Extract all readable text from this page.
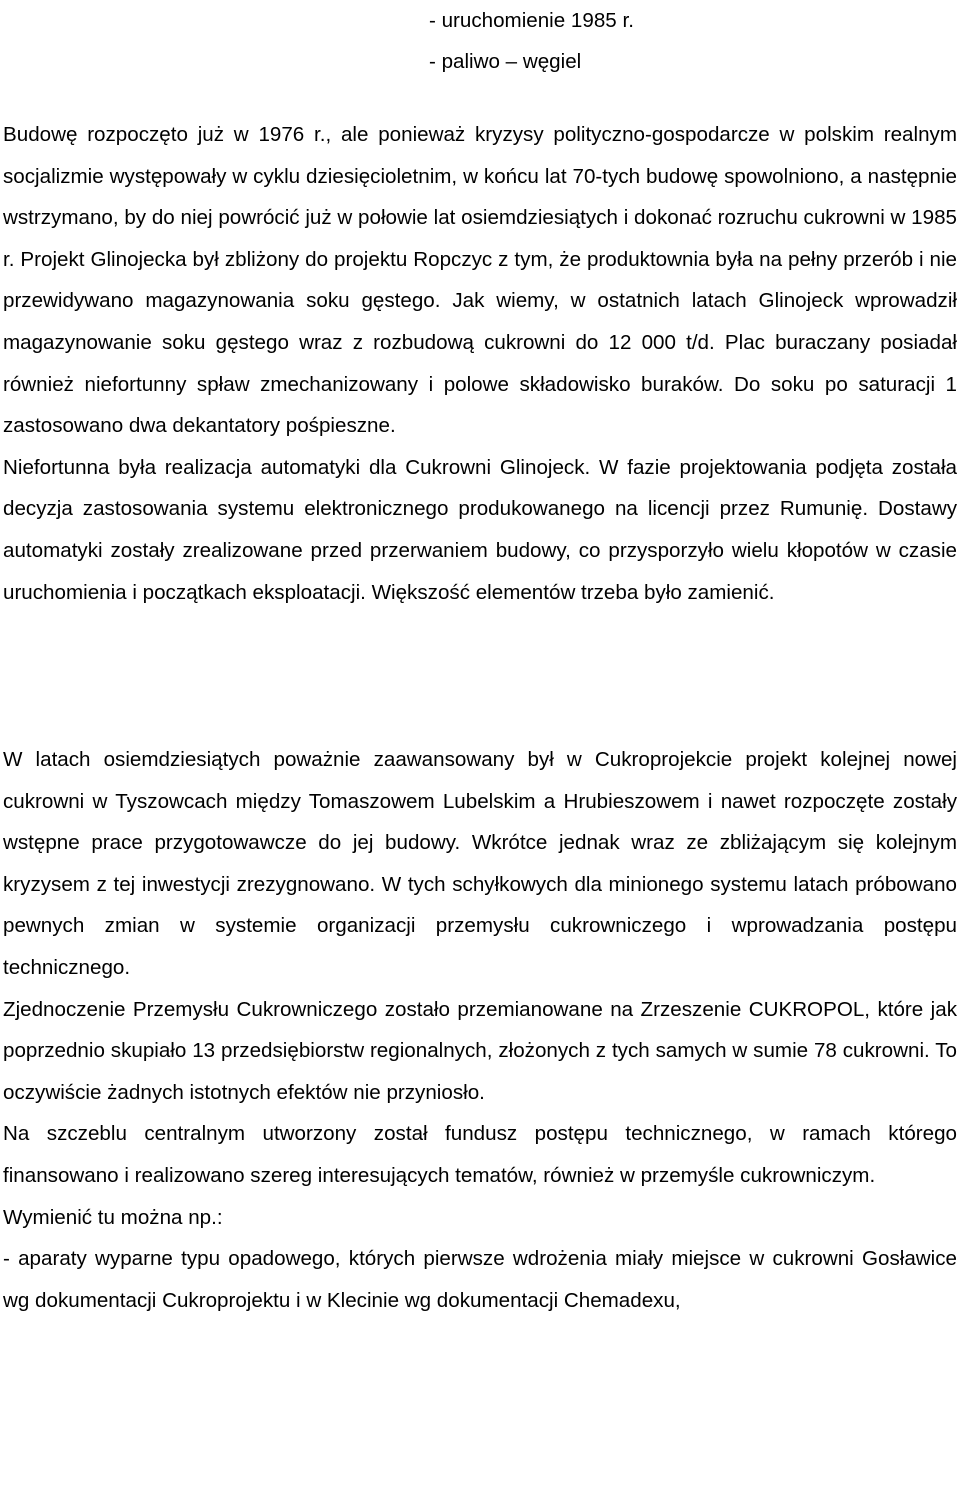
- uruchomienie 1985 r.
- paliwo – węgiel

Budowę rozpoczęto już w 1976 r., ale ponieważ kryzysy polityczno-gospodarcze w polskim realnym socjalizmie występowały w cyklu dziesięcioletnim, w końcu lat 70-tych budowę spowolniono, a następnie wstrzymano, by do niej powrócić już w połowie lat osiemdziesiątych i dokonać rozruchu cukrowni w 1985 r. Projekt Glinojecka był zbliżony do projektu Ropczyc z tym, że produktownia była na pełny przerób i nie przewidywano magazynowania soku gęstego. Jak wiemy, w ostatnich latach Glinojeck wprowadził magazynowanie soku gęstego wraz z rozbudową cukrowni do 12 000 t/d. Plac buraczany posiadał również niefortunny spław zmechanizowany i polowe składowisko buraków. Do soku po saturacji 1 zastosowano dwa dekantatory pośpieszne.

Niefortunna była realizacja automatyki dla Cukrowni Glinojeck. W fazie projektowania podjęta została decyzja zastosowania systemu elektronicznego produkowanego na licencji przez Rumunię. Dostawy automatyki zostały zrealizowane przed przerwaniem budowy, co przysporzyło wielu kłopotów w czasie uruchomienia i początkach eksploatacji. Większość elementów trzeba było zamienić.

W latach osiemdziesiątych poważnie zaawansowany był w Cukroprojekcie projekt kolejnej nowej cukrowni w Tyszowcach między Tomaszowem Lubelskim a Hrubieszowem i nawet rozpoczęte zostały wstępne prace przygotowawcze do jej budowy. Wkrótce jednak wraz ze zbliżającym się kolejnym kryzysem z tej inwestycji zrezygnowano. W tych schyłkowych dla minionego systemu latach próbowano pewnych zmian w systemie organizacji przemysłu cukrowniczego i wprowadzania postępu technicznego.

Zjednoczenie Przemysłu Cukrowniczego zostało przemianowane na Zrzeszenie CUKROPOL, które jak poprzednio skupiało 13 przedsiębiorstw regionalnych, złożonych z tych samych w sumie 78 cukrowni. To oczywiście żadnych istotnych efektów nie przyniosło.

Na szczeblu centralnym utworzony został fundusz postępu technicznego, w ramach którego finansowano i realizowano szereg interesujących tematów, również w przemyśle cukrowniczym.

Wymienić tu można np.:

- aparaty wyparne typu opadowego, których pierwsze wdrożenia miały miejsce w cukrowni Gosławice wg dokumentacji Cukroprojektu i w Klecinie wg dokumentacji Chemadexu,
